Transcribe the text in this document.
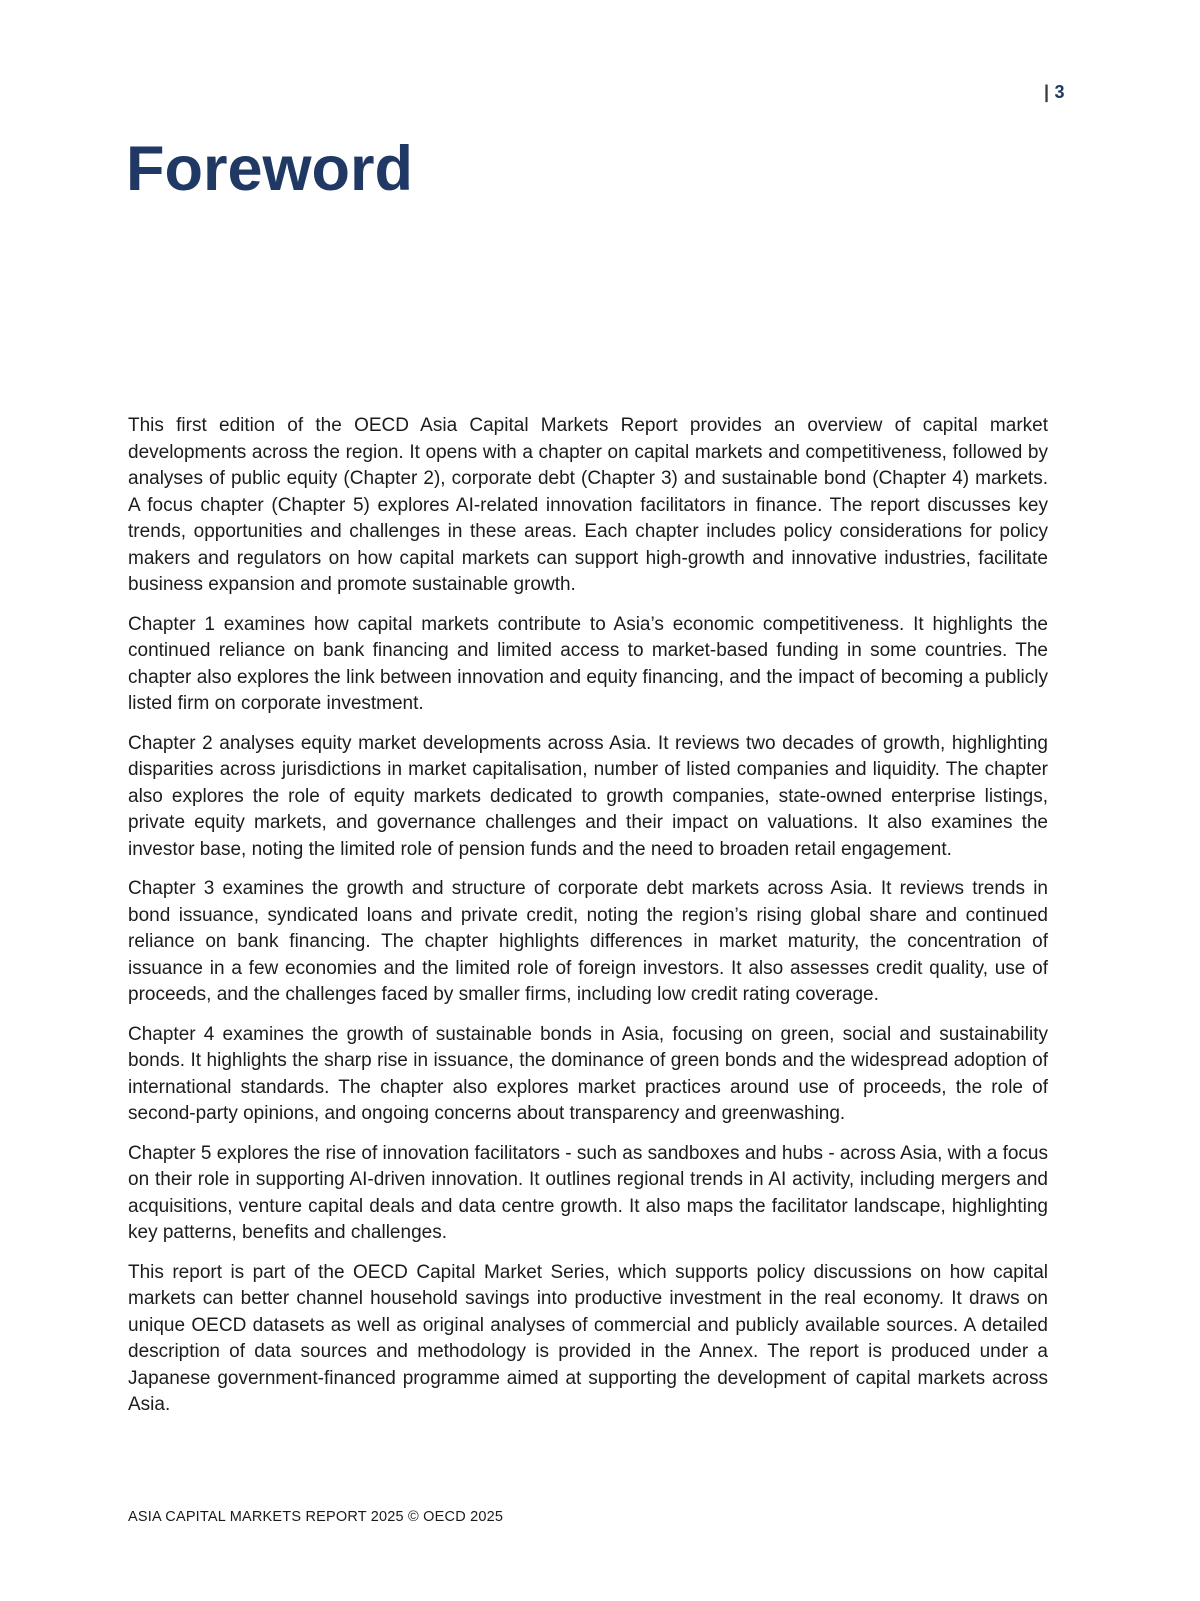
| 3
Foreword

This first edition of the OECD Asia Capital Markets Report provides an overview of capital market developments across the region. It opens with a chapter on capital markets and competitiveness, followed by analyses of public equity (Chapter 2), corporate debt (Chapter 3) and sustainable bond (Chapter 4) markets. A focus chapter (Chapter 5) explores AI-related innovation facilitators in finance. The report discusses key trends, opportunities and challenges in these areas. Each chapter includes policy considerations for policy makers and regulators on how capital markets can support high-growth and innovative industries, facilitate business expansion and promote sustainable growth.

Chapter 1 examines how capital markets contribute to Asia’s economic competitiveness. It highlights the continued reliance on bank financing and limited access to market-based funding in some countries. The chapter also explores the link between innovation and equity financing, and the impact of becoming a publicly listed firm on corporate investment.

Chapter 2 analyses equity market developments across Asia. It reviews two decades of growth, highlighting disparities across jurisdictions in market capitalisation, number of listed companies and liquidity. The chapter also explores the role of equity markets dedicated to growth companies, state-owned enterprise listings, private equity markets, and governance challenges and their impact on valuations. It also examines the investor base, noting the limited role of pension funds and the need to broaden retail engagement.

Chapter 3 examines the growth and structure of corporate debt markets across Asia. It reviews trends in bond issuance, syndicated loans and private credit, noting the region’s rising global share and continued reliance on bank financing. The chapter highlights differences in market maturity, the concentration of issuance in a few economies and the limited role of foreign investors. It also assesses credit quality, use of proceeds, and the challenges faced by smaller firms, including low credit rating coverage.

Chapter 4 examines the growth of sustainable bonds in Asia, focusing on green, social and sustainability bonds. It highlights the sharp rise in issuance, the dominance of green bonds and the widespread adoption of international standards. The chapter also explores market practices around use of proceeds, the role of second-party opinions, and ongoing concerns about transparency and greenwashing.

Chapter 5 explores the rise of innovation facilitators - such as sandboxes and hubs - across Asia, with a focus on their role in supporting AI-driven innovation. It outlines regional trends in AI activity, including mergers and acquisitions, venture capital deals and data centre growth. It also maps the facilitator landscape, highlighting key patterns, benefits and challenges.

This report is part of the OECD Capital Market Series, which supports policy discussions on how capital markets can better channel household savings into productive investment in the real economy. It draws on unique OECD datasets as well as original analyses of commercial and publicly available sources. A detailed description of data sources and methodology is provided in the Annex. The report is produced under a Japanese government-financed programme aimed at supporting the development of capital markets across Asia.

ASIA CAPITAL MARKETS REPORT 2025 © OECD 2025
